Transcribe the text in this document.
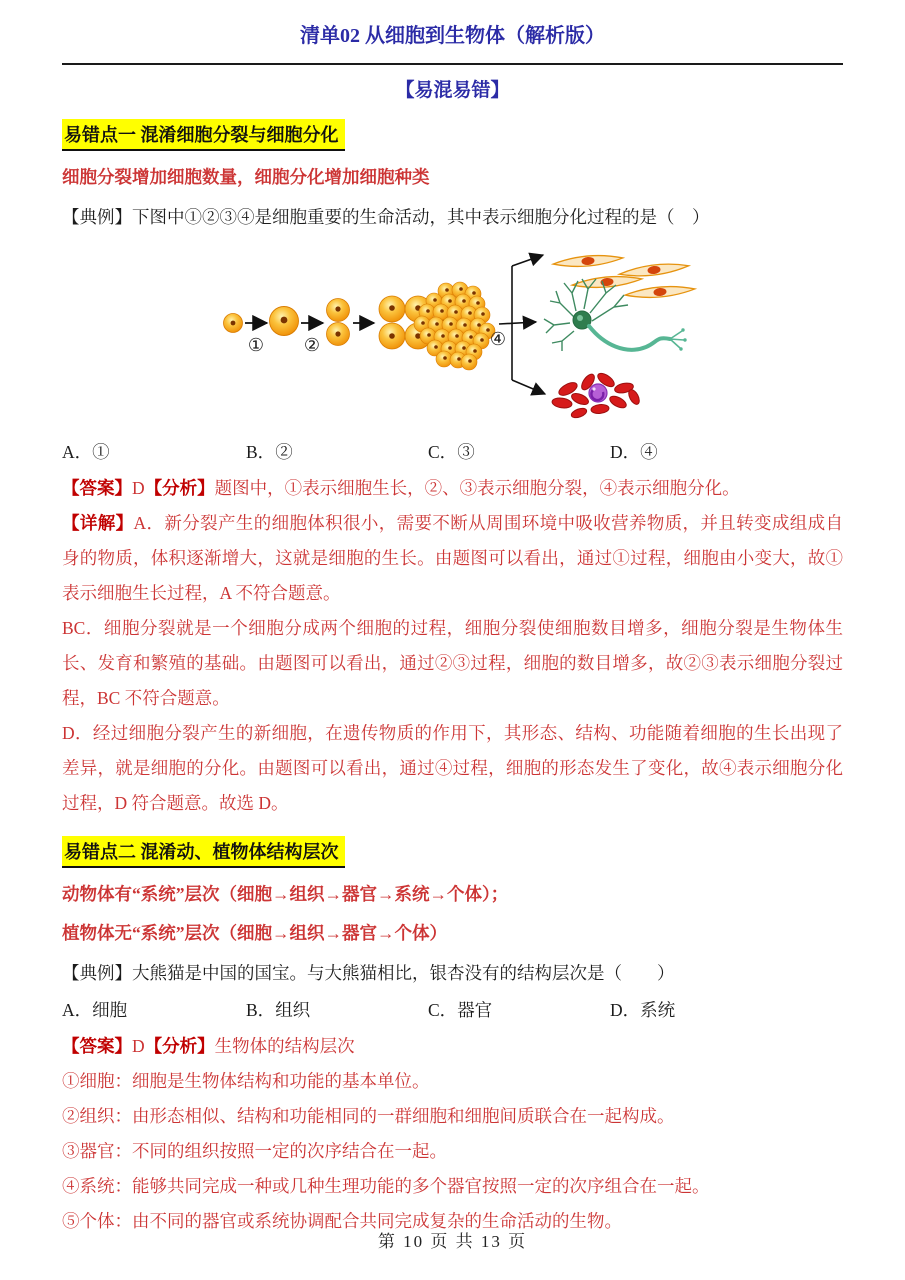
清单02 从细胞到生物体（解析版）

【易混易错】

易错点一 混淆细胞分裂与细胞分化

细胞分裂增加细胞数量，细胞分化增加细胞种类

【典例】下图中①②③④是细胞重要的生命活动，其中表示细胞分化过程的是（　）

① ②	④
A．①	B．②	C．③	D．④

【答案】D【分析】题图中，①表示细胞生长，②、③表示细胞分裂，④表示细胞分化。

【详解】A．新分裂产生的细胞体积很小，需要不断从周围环境中吸收营养物质，并且转变成组成自身的物质，体积逐渐增大，这就是细胞的生长。由题图可以看出，通过①过程，细胞由小变大，故①表示细胞生长过程，A 不符合题意。

BC．细胞分裂就是一个细胞分成两个细胞的过程，细胞分裂使细胞数目增多，细胞分裂是生物体生长、发育和繁殖的基础。由题图可以看出，通过②③过程，细胞的数目增多，故②③表示细胞分裂过程，BC 不符合题意。

D．经过细胞分裂产生的新细胞，在遗传物质的作用下，其形态、结构、功能随着细胞的生长出现了差异，就是细胞的分化。由题图可以看出，通过④过程，细胞的形态发生了变化，故④表示细胞分化过程，D 符合题意。故选 D。

易错点二 混淆动、植物体结构层次

动物体有“系统”层次（细胞→组织→器官→系统→个体）；

植物体无“系统”层次（细胞→组织→器官→个体）

【典例】大熊猫是中国的国宝。与大熊猫相比，银杏没有的结构层次是（　　）

A．细胞	B．组织	C．器官	D．系统

【答案】D【分析】生物体的结构层次

①细胞：细胞是生物体结构和功能的基本单位。

②组织：由形态相似、结构和功能相同的一群细胞和细胞间质联合在一起构成。

③器官：不同的组织按照一定的次序结合在一起。

④系统：能够共同完成一种或几种生理功能的多个器官按照一定的次序组合在一起。

⑤个体：由不同的器官或系统协调配合共同完成复杂的生命活动的生物。

第 10 页 共 13 页
